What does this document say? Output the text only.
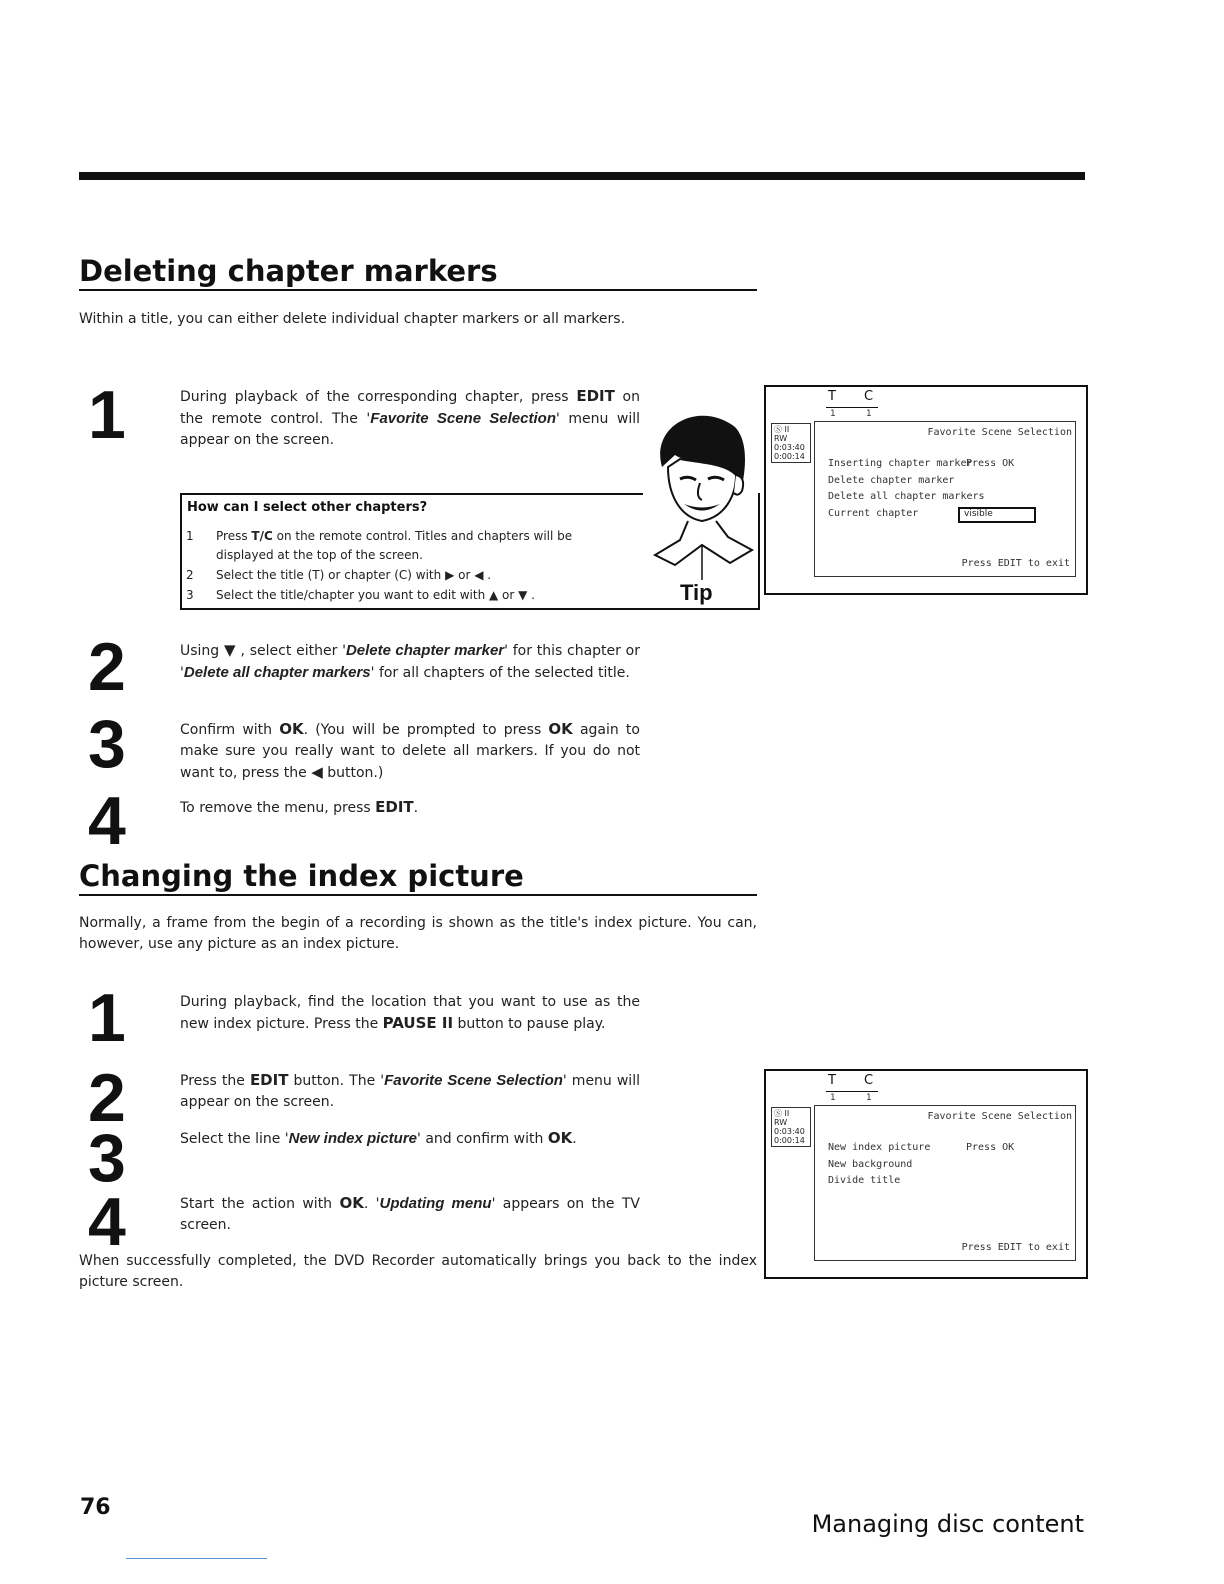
Deleting chapter markers
Within a title, you can either delete individual chapter markers or all markers.
1	During playback of the corresponding chapter, press EDIT on the remote control. The 'Favorite Scene Selection' menu will appear on the screen.
How can I select other chapters?
1 Press T/C on the remote control. Titles and chapters will be
displayed at the top of the screen.
2 Select the title (T) or chapter (C) with ▶ or ◀ .
3 Select the title/chapter you want to edit with ▲ or ▼ .	Tip
T C
1	1
Ⓢ II
RW
0:03:40
0:00:14
Favorite Scene Selection
Inserting chapter marker
Press OK
Delete chapter marker
Delete all chapter markers
Current chapter	visible
Press EDIT to exit
2	Using ▼ , select either 'Delete chapter marker' for this chapter or 'Delete all chapter markers' for all chapters of the selected title.
3	Confirm with OK. (You will be prompted to press OK again to make sure you really want to delete all markers. If you do not want to, press the ◀ button.)
4	To remove the menu, press EDIT.
Changing the index picture
Normally, a frame from the begin of a recording is shown as the title's index picture. You can, however, use any picture as an index picture.
1	During playback, find the location that you want to use as the new index picture. Press the PAUSE II button to pause play.
2	Press the EDIT button. The 'Favorite Scene Selection' menu will appear on the screen.
3	Select the line 'New index picture' and confirm with OK.
4	Start the action with OK. 'Updating menu' appears on the TV screen.
When successfully completed, the DVD Recorder automatically brings you back to the index picture screen.
T C
1	1
Ⓢ II
RW
0:03:40
0:00:14
Favorite Scene Selection
New index picture	Press OK
New background
Divide title
Press EDIT to exit
76
Managing disc content
